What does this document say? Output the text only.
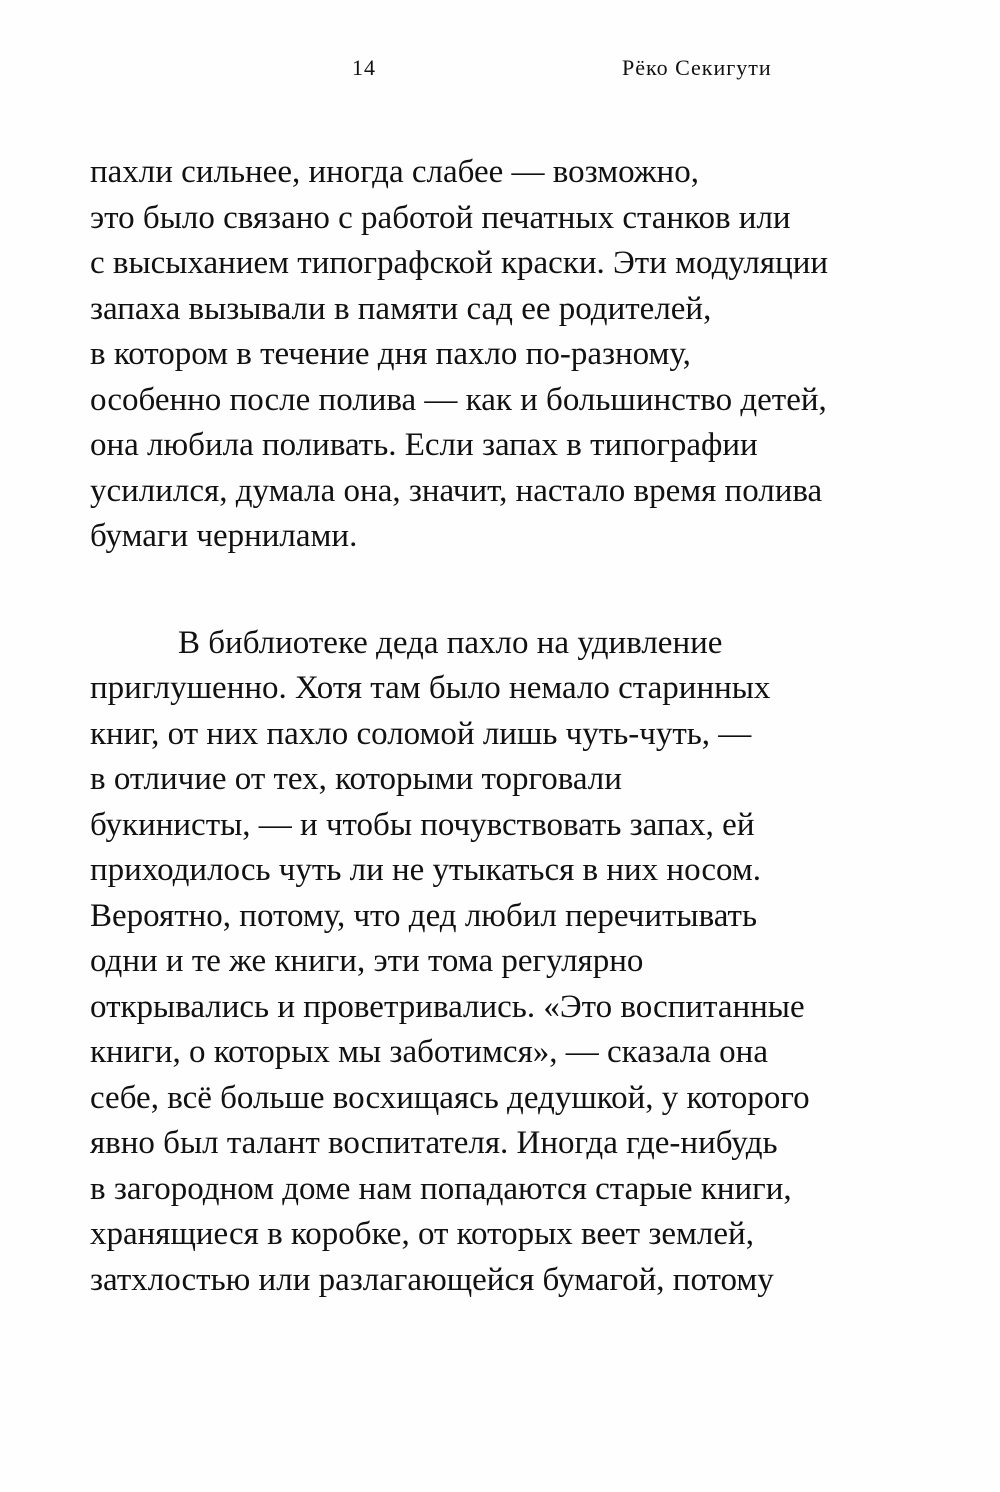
14	Рёко Секигути
пахли сильнее, иногда слабее — возможно,
это было связано с работой печатных станков или
с высыханием типографской краски. Эти модуляции
запаха вызывали в памяти сад ее родителей,
в котором в течение дня пахло по-разному,
особенно после полива — как и большинство детей,
она любила поливать. Если запах в типографии
усилился, думала она, значит, настало время полива
бумаги чернилами.
В библиотеке деда пахло на удивление
приглушенно. Хотя там было немало старинных
книг, от них пахло соломой лишь чуть-чуть, —
в отличие от тех, которыми торговали
букинисты, — и чтобы почувствовать запах, ей
приходилось чуть ли не утыкаться в них носом.
Вероятно, потому, что дед любил перечитывать
одни и те же книги, эти тома регулярно
открывались и проветривались. «Это воспитанные
книги, о которых мы заботимся», — сказала она
себе, всё больше восхищаясь дедушкой, у которого
явно был талант воспитателя. Иногда где-нибудь
в загородном доме нам попадаются старые книги,
хранящиеся в коробке, от которых веет землей,
затхлостью или разлагающейся бумагой, потому
